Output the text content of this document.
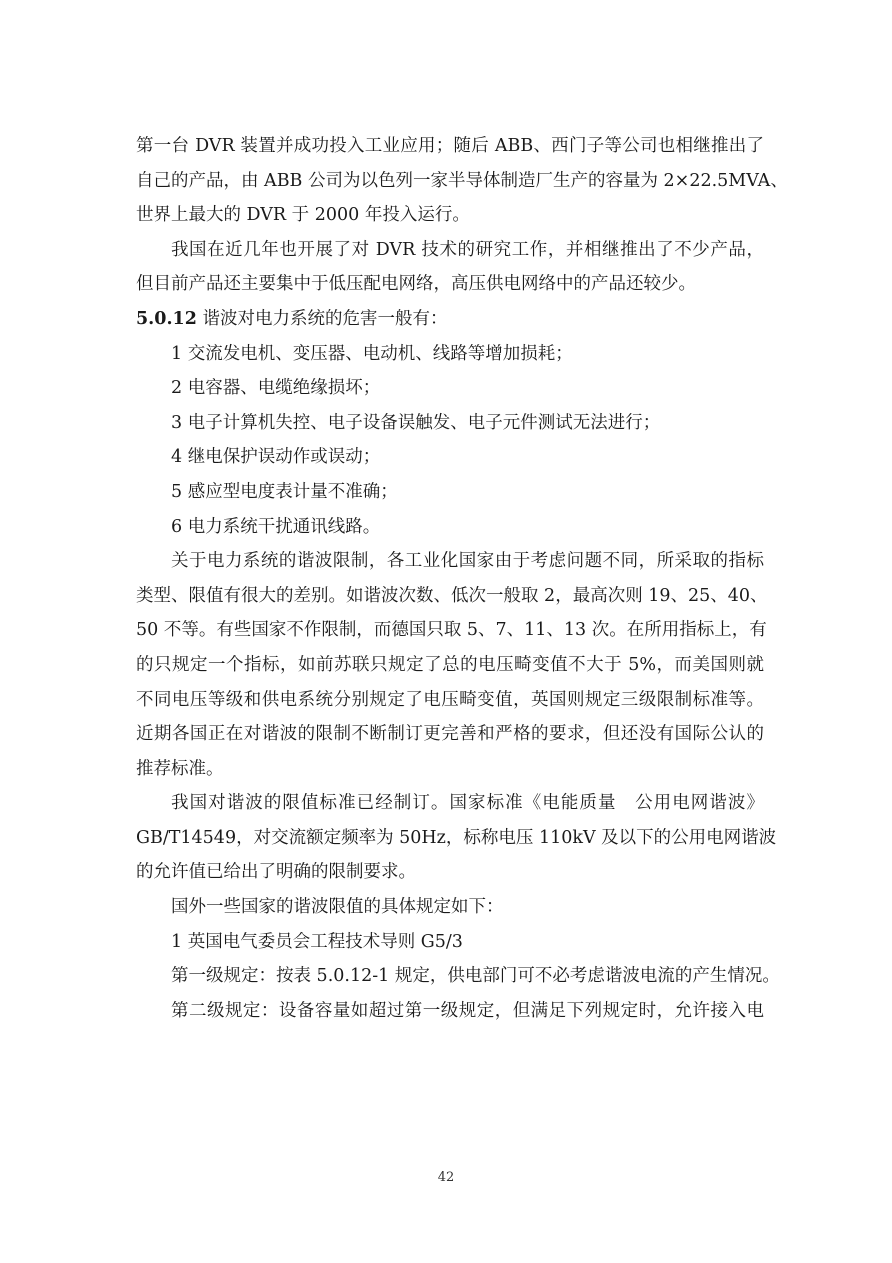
第一台 DVR 装置并成功投入工业应用；随后 ABB、西门子等公司也相继推出了
自己的产品，由 ABB 公司为以色列一家半导体制造厂生产的容量为 2×22.5MVA、
世界上最大的 DVR 于 2000 年投入运行。
我国在近几年也开展了对 DVR 技术的研究工作，并相继推出了不少产品，
但目前产品还主要集中于低压配电网络，高压供电网络中的产品还较少。
5.0.12 谐波对电力系统的危害一般有：
1 交流发电机、变压器、电动机、线路等增加损耗；
2 电容器、电缆绝缘损坏；
3 电子计算机失控、电子设备误触发、电子元件测试无法进行；
4 继电保护误动作或误动；
5 感应型电度表计量不准确；
6 电力系统干扰通讯线路。
关于电力系统的谐波限制，各工业化国家由于考虑问题不同，所采取的指标
类型、限值有很大的差别。如谐波次数、低次一般取 2，最高次则 19、25、40、
50 不等。有些国家不作限制，而德国只取 5、7、11、13 次。在所用指标上，有
的只规定一个指标，如前苏联只规定了总的电压畸变值不大于 5%，而美国则就
不同电压等级和供电系统分别规定了电压畸变值，英国则规定三级限制标准等。
近期各国正在对谐波的限制不断制订更完善和严格的要求，但还没有国际公认的
推荐标准。
我国对谐波的限值标准已经制订。国家标准《电能质量　公用电网谐波》
GB/T14549，对交流额定频率为 50Hz，标称电压 110kV 及以下的公用电网谐波
的允许值已给出了明确的限制要求。
国外一些国家的谐波限值的具体规定如下：
1 英国电气委员会工程技术导则 G5/3
第一级规定：按表 5.0.12-1 规定，供电部门可不必考虑谐波电流的产生情况。
第二级规定：设备容量如超过第一级规定，但满足下列规定时，允许接入电
42
